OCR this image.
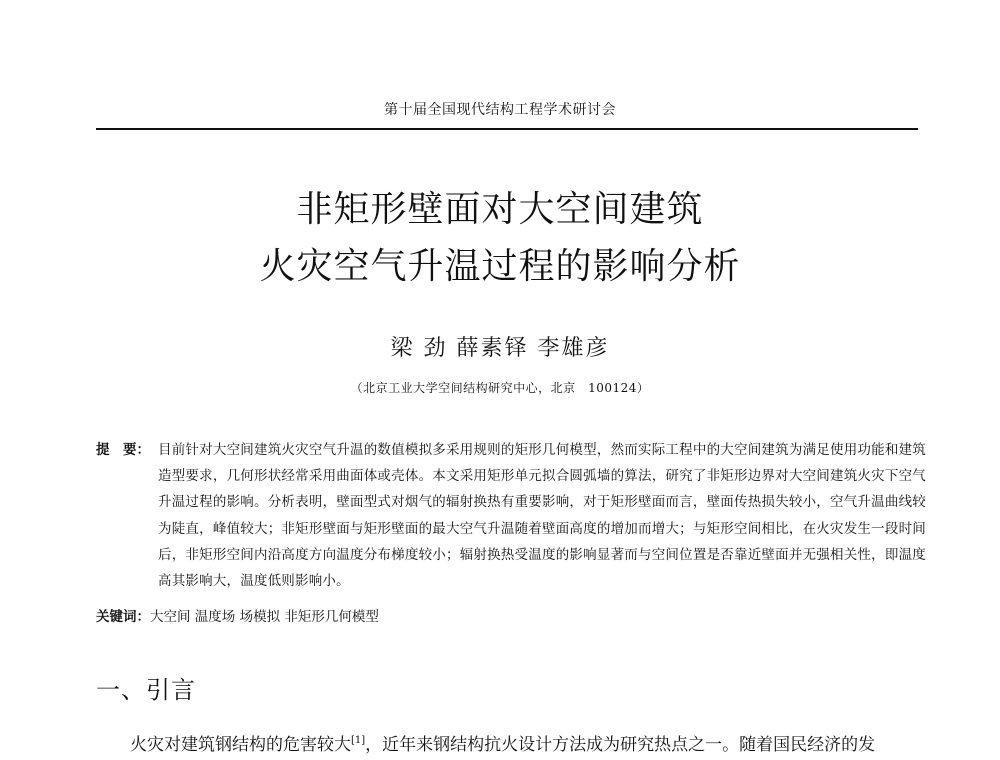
第十届全国现代结构工程学术研讨会
非矩形壁面对大空间建筑
火灾空气升温过程的影响分析
梁 劲 薛素铎 李雄彦
（北京工业大学空间结构研究中心，北京　100124）
提　要： 目前针对大空间建筑火灾空气升温的数值模拟多采用规则的矩形几何模型，然而实际工程中的大空间建筑为满足使用功能和建筑造型要求，几何形状经常采用曲面体或壳体。本文采用矩形单元拟合圆弧墙的算法，研究了非矩形边界对大空间建筑火灾下空气升温过程的影响。分析表明，壁面型式对烟气的辐射换热有重要影响，对于矩形壁面而言，壁面传热损失较小，空气升温曲线较为陡直，峰值较大；非矩形壁面与矩形壁面的最大空气升温随着壁面高度的增加而增大；与矩形空间相比，在火灾发生一段时间后，非矩形空间内沿高度方向温度分布梯度较小；辐射换热受温度的影响显著而与空间位置是否靠近壁面并无强相关性，即温度高其影响大，温度低则影响小。
关键词：大空间 温度场 场模拟 非矩形几何模型
一、引言
火灾对建筑钢结构的危害较大[1]，近年来钢结构抗火设计方法成为研究热点之一。随着国民经济的发
